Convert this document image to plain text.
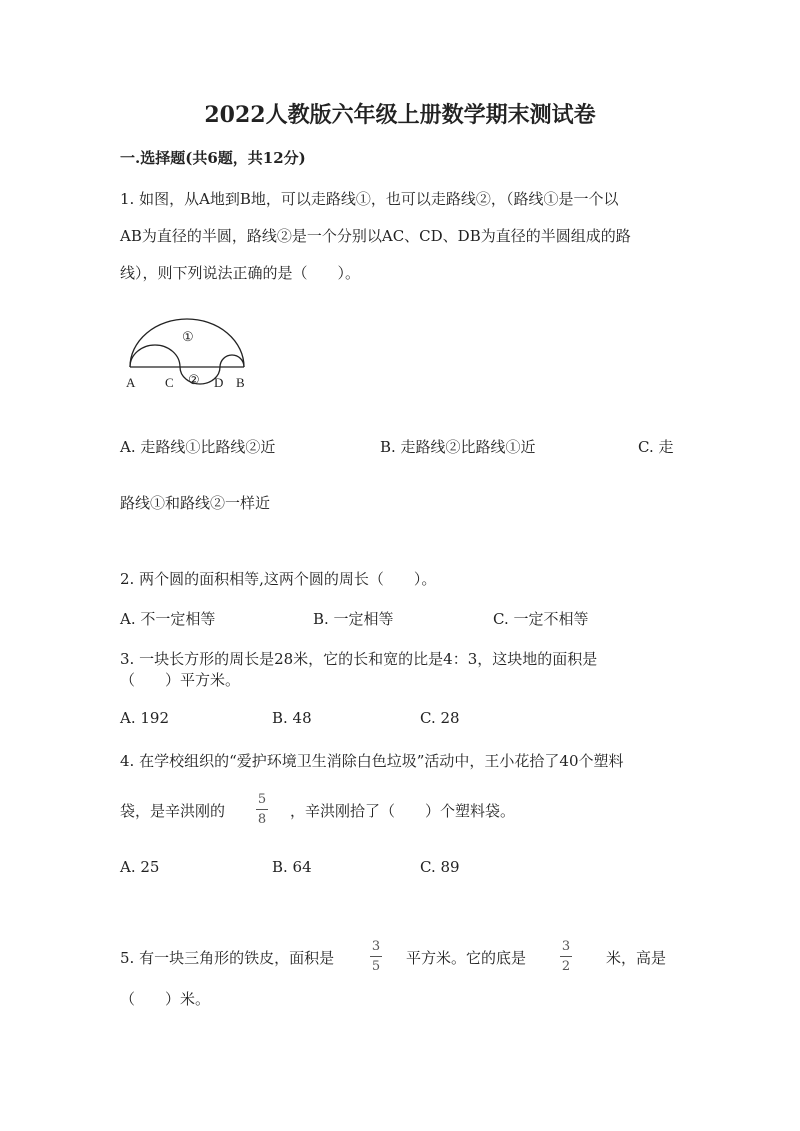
2022人教版六年级上册数学期末测试卷
一.选择题(共6题，共12分)
1. 如图，从A地到B地，可以走路线①，也可以走路线②，（路线①是一个以
AB为直径的半圆，路线②是一个分别以AC、CD、DB为直径的半圆组成的路
线），则下列说法正确的是（　　）。
①
②
A C	D B
A. 走路线①比路线②近	B. 走路线②比路线①近	C. 走
路线①和路线②一样近
2. 两个圆的面积相等,这两个圆的周长（　　）。
A. 不一定相等	B. 一定相等	C. 一定不相等
3. 一块长方形的周长是28米，它的长和宽的比是4：3，这块地的面积是
（　　）平方米。
A. 192	B. 48	C. 28
4. 在学校组织的“爱护环境卫生消除白色垃圾”活动中，王小花拾了40个塑料
袋，是辛洪刚的
5
8 ，辛洪刚拾了（　　）个塑料袋。
A. 25	B. 64	C. 89
5. 有一块三角形的铁皮，面积是
3
5 平方米。它的底是
3
2 米，高是
（　　）米。
